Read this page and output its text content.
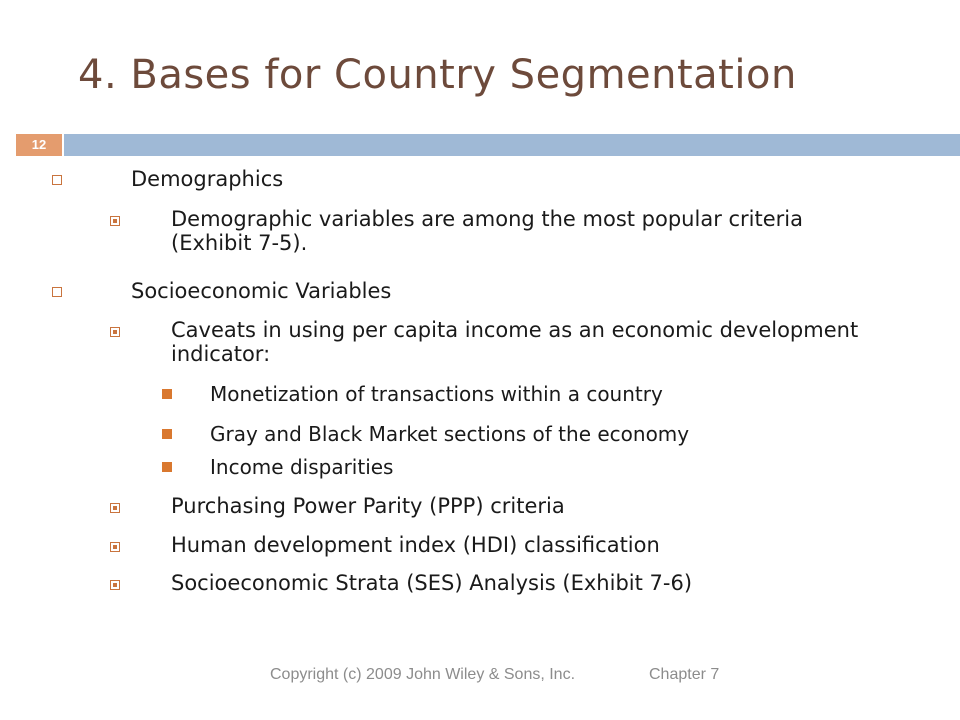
4. Bases for Country Segmentation
12
Demographics
Demographic variables are among the most popular criteria (Exhibit 7-5).
Socioeconomic Variables
Caveats in using per capita income as an economic development indicator:
Monetization of transactions within a country
Gray and Black Market sections of the economy
Income disparities
Purchasing Power Parity (PPP) criteria
Human development index (HDI) classification
Socioeconomic Strata (SES) Analysis (Exhibit 7-6)
Copyright (c) 2009 John Wiley & Sons, Inc.	Chapter 7
